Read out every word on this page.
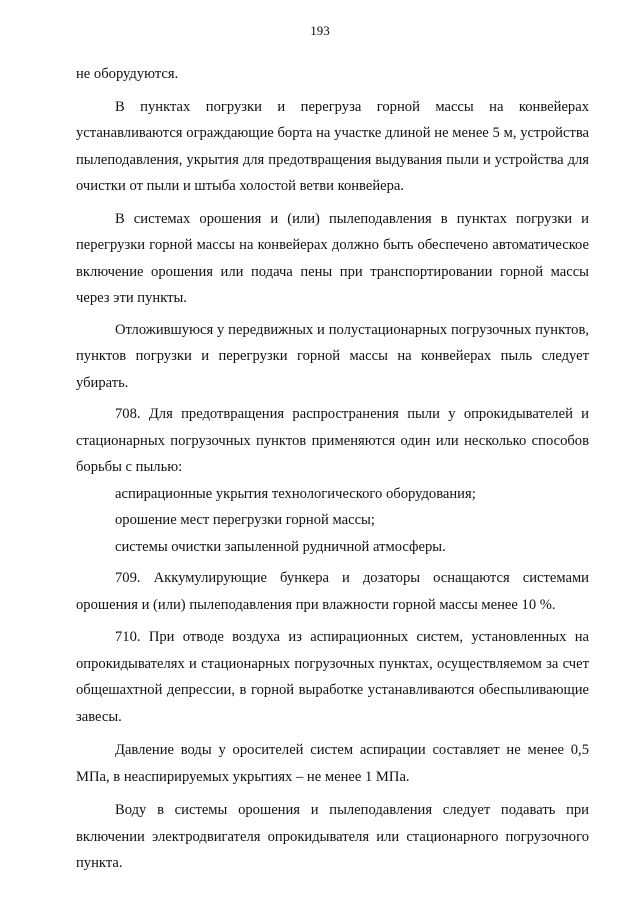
193

не оборудуются.

В пунктах погрузки и перегруза горной массы на конвейерах устанавливаются ограждающие борта на участке длиной не менее 5 м, устройства пылеподавления, укрытия для предотвращения выдувания пыли и устройства для очистки от пыли и штыба холостой ветви конвейера.

В системах орошения и (или) пылеподавления в пунктах погрузки и перегрузки горной массы на конвейерах должно быть обеспечено автоматическое включение орошения или подача пены при транспортировании горной массы через эти пункты.

Отложившуюся у передвижных и полустационарных погрузочных пунктов, пунктов погрузки и перегрузки горной массы на конвейерах пыль следует убирать.

708. Для предотвращения распространения пыли у опрокидывателей и стационарных погрузочных пунктов применяются один или несколько способов борьбы с пылью:

аспирационные укрытия технологического оборудования;

орошение мест перегрузки горной массы;

системы очистки запыленной рудничной атмосферы.

709. Аккумулирующие бункера и дозаторы оснащаются системами орошения и (или) пылеподавления при влажности горной массы менее 10 %.

710. При отводе воздуха из аспирационных систем, установленных на опрокидывателях и стационарных погрузочных пунктах, осуществляемом за счет общешахтной депрессии, в горной выработке устанавливаются обеспыливающие завесы.

Давление воды у оросителей систем аспирации составляет не менее 0,5 МПа, в неаспирируемых укрытиях – не менее 1 МПа.

Воду в системы орошения и пылеподавления следует подавать при включении электродвигателя опрокидывателя или стационарного погрузочного пункта.
